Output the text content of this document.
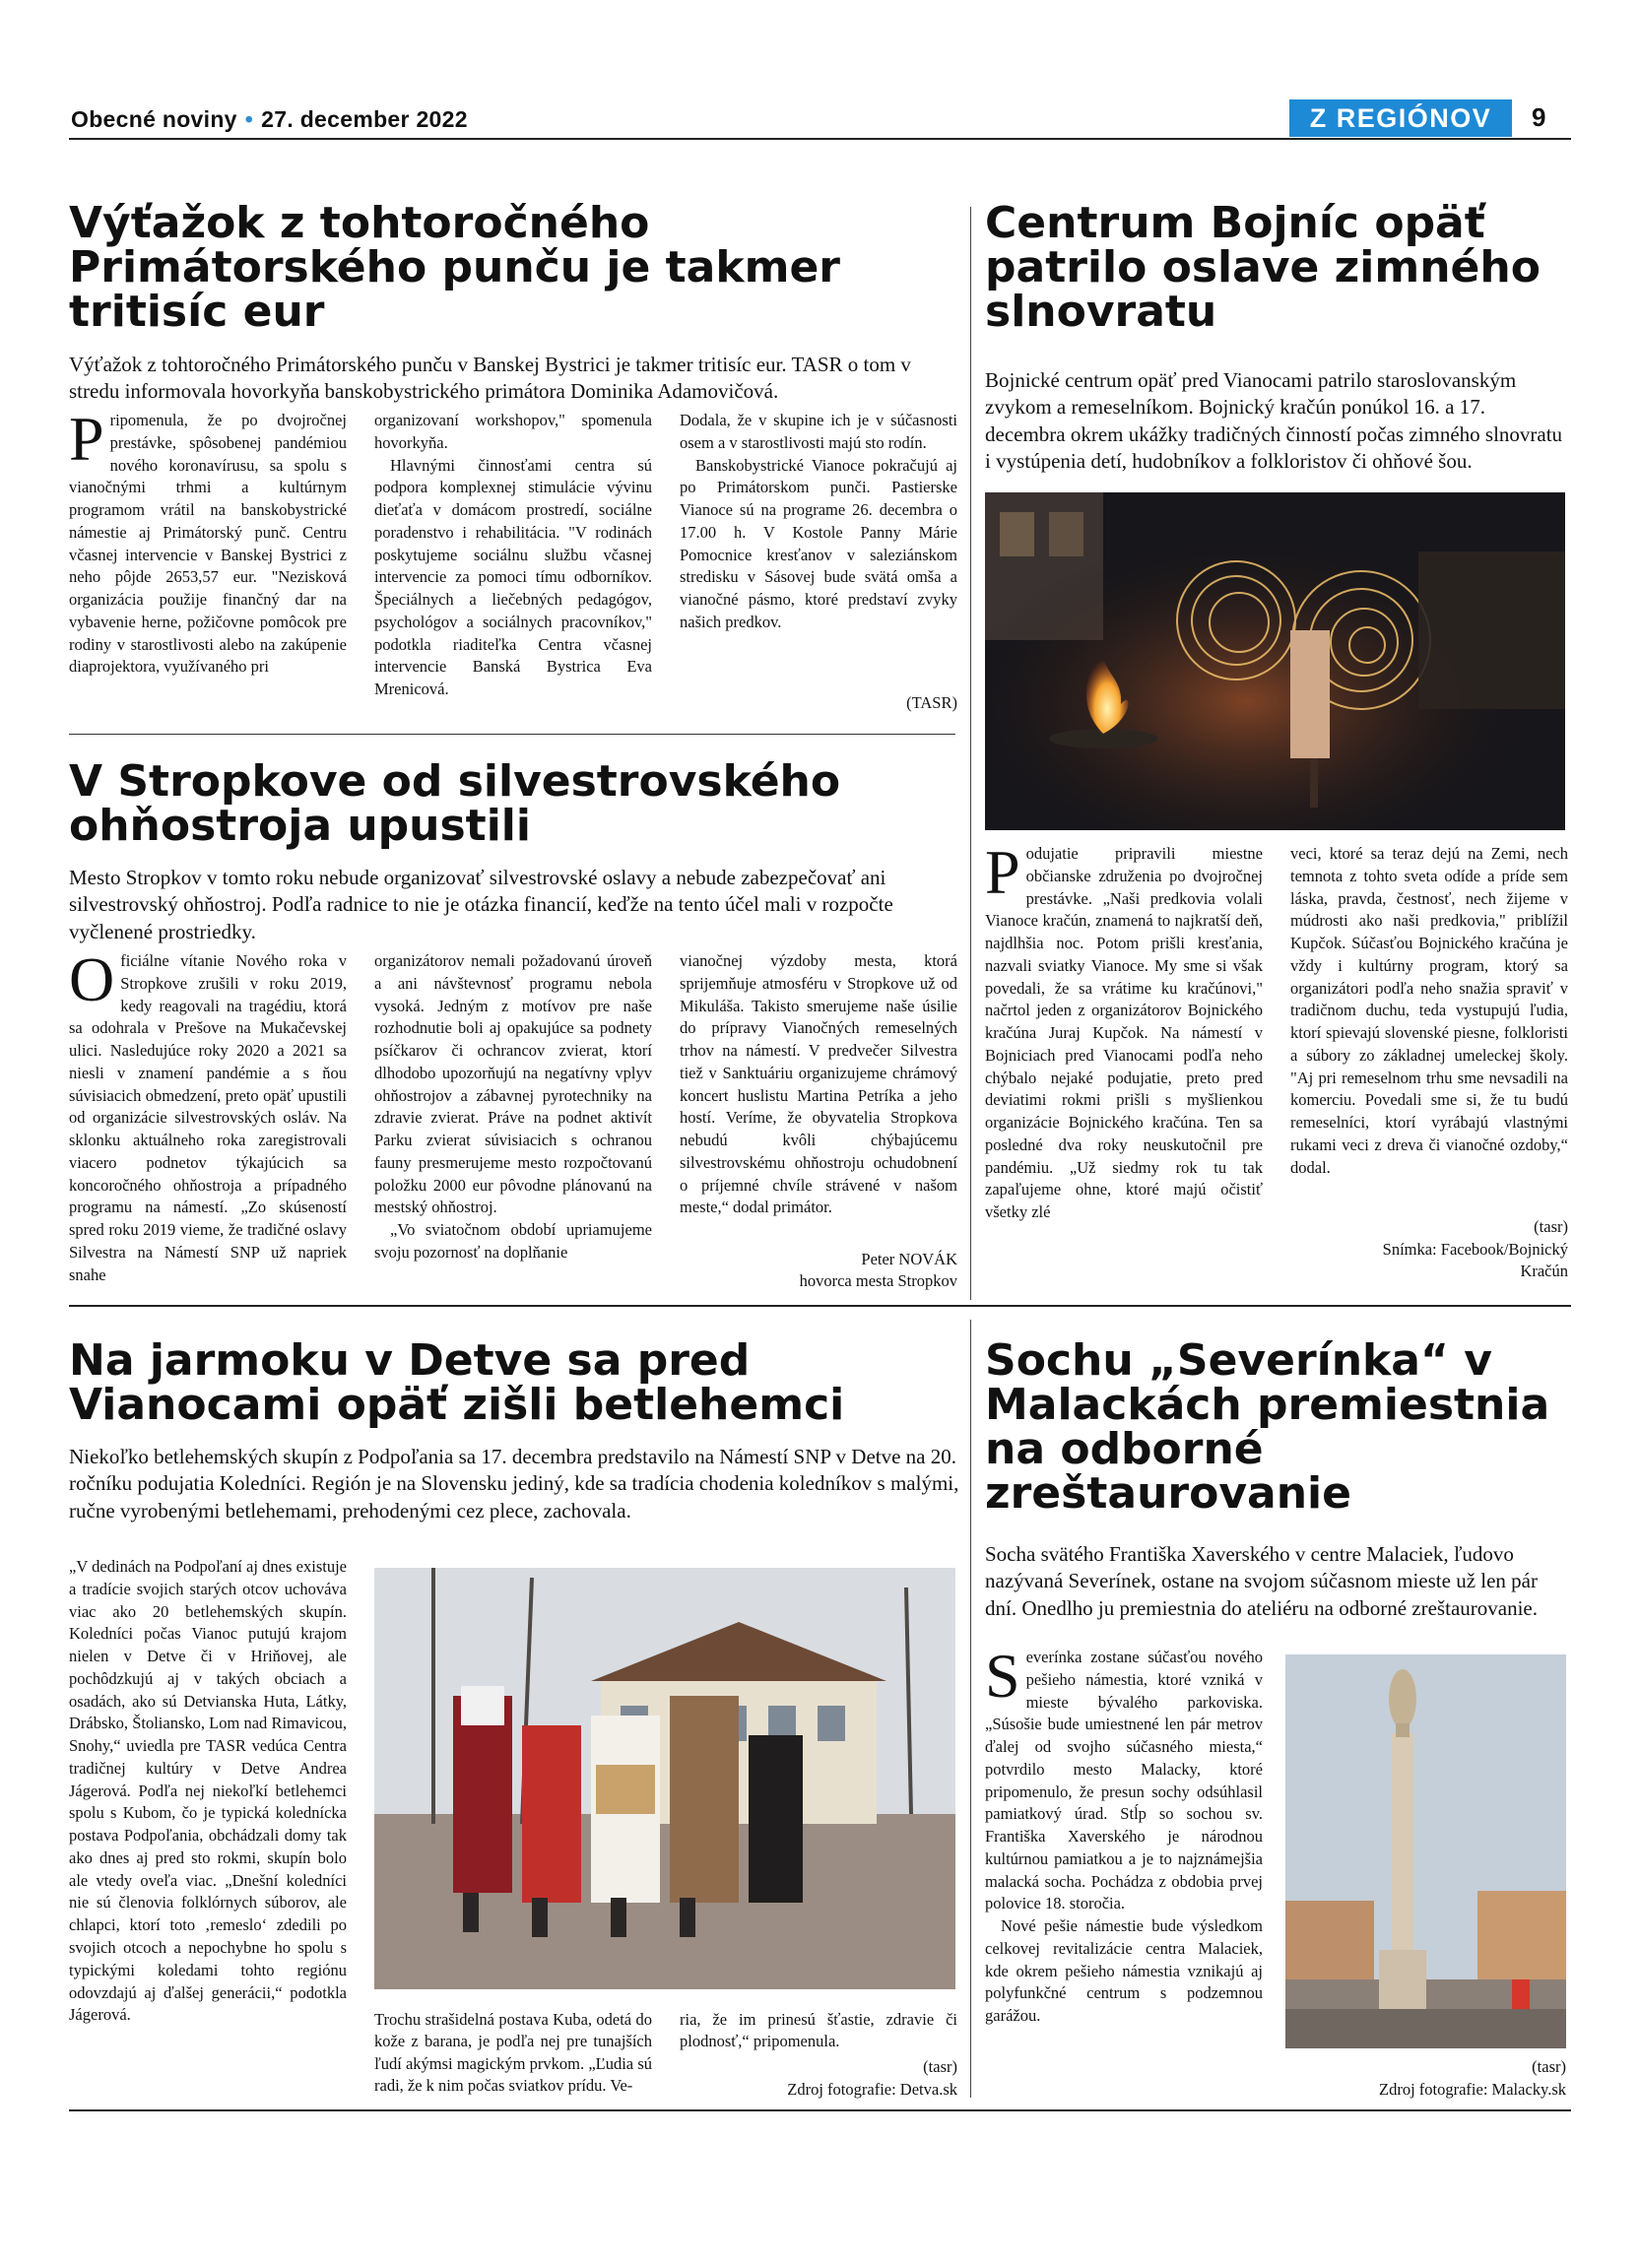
Obecné noviny • 27. december 2022	Z REGIÓNOV	9
Výťažok z tohtoročného Primátorského punču je takmer tritisíc eur

Výťažok z tohtoročného Primátorského punču v Banskej Bystrici je takmer tritisíc eur. TASR o tom v stredu informovala hovorkyňa banskobystrického primátora Dominika Adamovičová.

Pripomenula, že po dvojročnej prestávke, spôsobenej pandémiou nového koronavírusu, sa spolu s vianočnými trhmi a kultúrnym programom vrátil na banskobystrické námestie aj Primátorský punč. Centru včasnej intervencie v Banskej Bystrici z neho pôjde 2653,57 eur. "Nezisková organizácia použije finančný dar na vybavenie herne, požičovne pomôcok pre rodiny v starostlivosti alebo na zakúpenie diaprojektora, využívaného pri

organizovaní workshopov," spomenula hovorkyňa.

Hlavnými činnosťami centra sú podpora komplexnej stimulácie vývinu dieťaťa v domácom prostredí, sociálne poradenstvo i rehabilitácia. "V rodinách poskytujeme sociálnu službu včasnej intervencie za pomoci tímu odborníkov. Špeciálnych a liečebných pedagógov, psychológov a sociálnych pracovníkov," podotkla riaditeľka Centra včasnej intervencie Banská Bystrica Eva Mrenicová.

Dodala, že v skupine ich je v súčasnosti osem a v starostlivosti majú sto rodín.

Banskobystrické Vianoce pokračujú aj po Primátorskom punči. Pastierske Vianoce sú na programe 26. decembra o 17.00 h. V Kostole Panny Márie Pomocnice kresťanov v saleziánskom stredisku v Sásovej bude svätá omša a vianočné pásmo, ktoré predstaví zvyky našich predkov.

(TASR)
V Stropkove od silvestrovského ohňostroja upustili

Mesto Stropkov v tomto roku nebude organizovať silvestrovské oslavy a nebude zabezpečovať ani silvestrovský ohňostroj. Podľa radnice to nie je otázka financií, keďže na tento účel mali v rozpočte vyčlenené prostriedky.

Oficiálne vítanie Nového roka v Stropkove zrušili v roku 2019, kedy reagovali na tragédiu, ktorá sa odohrala v Prešove na Mukačevskej ulici. Nasledujúce roky 2020 a 2021 sa niesli v znamení pandémie a s ňou súvisiacich obmedzení, preto opäť upustili od organizácie silvestrovských osláv. Na sklonku aktuálneho roka zaregistrovali viacero podnetov týkajúcich sa koncoročného ohňostroja a prípadného programu na námestí. „Zo skúseností spred roku 2019 vieme, že tradičné oslavy Silvestra na Námestí SNP už napriek snahe

organizátorov nemali požadovanú úroveň a ani návštevnosť programu nebola vysoká. Jedným z motívov pre naše rozhodnutie boli aj opakujúce sa podnety psíčkarov či ochrancov zvierat, ktorí dlhodobo upozorňujú na negatívny vplyv ohňostrojov a zábavnej pyrotechniky na zdravie zvierat. Práve na podnet aktivít Parku zvierat súvisiacich s ochranou fauny presmerujeme mesto rozpočtovanú položku 2000 eur pôvodne plánovanú na mestský ohňostroj.

„Vo sviatočnom období upriamujeme svoju pozornosť na doplňanie

vianočnej výzdoby mesta, ktorá sprijemňuje atmosféru v Stropkove už od Mikuláša. Takisto smerujeme naše úsilie do prípravy Vianočných remeselných trhov na námestí. V predvečer Silvestra tiež v Sanktuáriu organizujeme chrámový koncert huslistu Martina Petríka a jeho hostí. Veríme, že obyvatelia Stropkova nebudú kvôli chýbajúcemu silvestrovskému ohňostroju ochudobnení o príjemné chvíle strávené v našom meste,“ dodal primátor.

Peter NOVÁK
hovorca mesta Stropkov
Centrum Bojníc opäť patrilo oslave zimného slnovratu

Bojnické centrum opäť pred Vianocami patrilo staroslovanským zvykom a remeselníkom. Bojnický kračún ponúkol 16. a 17. decembra okrem ukážky tradičných činností počas zimného slnovratu i vystúpenia detí, hudobníkov a folkloristov či ohňové šou.

Podujatie pripravili miestne občianske združenia po dvojročnej prestávke. „Naši predkovia volali Vianoce kračún, znamená to najkratší deň, najdlhšia noc. Potom prišli kresťania, nazvali sviatky Vianoce. My sme si však povedali, že sa vrátime ku kračúnovi," načrtol jeden z organizátorov Bojnického kračúna Juraj Kupčok. Na námestí v Bojniciach pred Vianocami podľa neho chýbalo nejaké podujatie, preto pred deviatimi rokmi prišli s myšlienkou organizácie Bojnického kračúna. Ten sa posledné dva roky neuskutočnil pre pandémiu. „Už siedmy rok tu tak zapaľujeme ohne, ktoré majú očistiť všetky zlé

veci, ktoré sa teraz dejú na Zemi, nech temnota z tohto sveta odíde a príde sem láska, pravda, čestnosť, nech žijeme v múdrosti ako naši predkovia," priblížil Kupčok. Súčasťou Bojnického kračúna je vždy i kultúrny program, ktorý sa organizátori podľa neho snažia spraviť v tradičnom duchu, teda vystupujú ľudia, ktorí spievajú slovenské piesne, folkloristi a súbory zo základnej umeleckej školy. "Aj pri remeselnom trhu sme nevsadili na komerciu. Povedali sme si, že tu budú remeselníci, ktorí vyrábajú vlastnými rukami veci z dreva či vianočné ozdoby,“ dodal.

(tasr)
Snímka: Facebook/Bojnický Kračún
Na jarmoku v Detve sa pred Vianocami opäť zišli betlehemci

Niekoľko betlehemských skupín z Podpoľania sa 17. decembra predstavilo na Námestí SNP v Detve na 20. ročníku podujatia Koledníci. Región je na Slovensku jediný, kde sa tradícia chodenia koledníkov s malými, ručne vyrobenými betlehemami, prehodenými cez plece, zachovala.

„V dedinách na Podpoľaní aj dnes existuje a tradície svojich starých otcov uchováva viac ako 20 betlehemských skupín. Koledníci počas Vianoc putujú krajom nielen v Detve či v Hriňovej, ale pochôdzkujú aj v takých obciach a osadách, ako sú Detvianska Huta, Látky, Drábsko, Štoliansko, Lom nad Rimavicou, Snohy,“ uviedla pre TASR vedúca Centra tradičnej kultúry v Detve Andrea Jágerová. Podľa nej niekoľkí betlehemci spolu s Kubom, čo je typická koledníckа postava Podpoľania, obchádzali domy tak ako dnes aj pred sto rokmi, skupín bolo ale vtedy oveľa viac. „Dnešní koledníci nie sú členovia folklórnych súborov, ale chlapci, ktorí toto ‚remeslo‘ zdedili po svojich otcoch a nepochybne ho spolu s typickými koledami tohto regiónu odovzdajú aj ďalšej generácii,“ podotkla Jágerová.	Trochu strašidelná postava Kuba, odetá do kože z barana, je podľa nej pre tunajších ľudí akýmsi magickým prvkom. „Ľudia sú radi, že k nim počas sviatkov prídu. Ve-
ria, že im prinesú šťastie, zdravie či plodnosť,“ pripomenula.
(tasr)
Zdroj fotografie: Detva.sk
Sochu „Severínka“ v Malackách premiestnia na odborné zreštaurovanie

Socha svätého Františka Xaverského v centre Malaciek, ľudovo nazývaná Severínek, ostane na svojom súčasnom mieste už len pár dní. Onedlho ju premiestnia do ateliéru na odborné zreštaurovanie.

Severínka zostane súčasťou nového pešieho námestia, ktoré vzniká v mieste bývalého parkoviska. „Súsošie bude umiestnené len pár metrov ďalej od svojho súčasného miesta,“ potvrdilo mesto Malacky, ktoré pripomenulo, že presun sochy odsúhlasil pamiatkový úrad. Stĺp so sochou sv. Františka Xaverského je národnou kultúrnou pamiatkou a je to najznámejšia malacká socha. Pochádza z obdobia prvej polovice 18. storočia.

Nové pešie námestie bude výsledkom celkovej revitalizácie centra Malaciek, kde okrem pešieho námestia vznikajú aj polyfunkčné centrum s podzemnou garážou.

(tasr)
Zdroj fotografie: Malacky.sk
